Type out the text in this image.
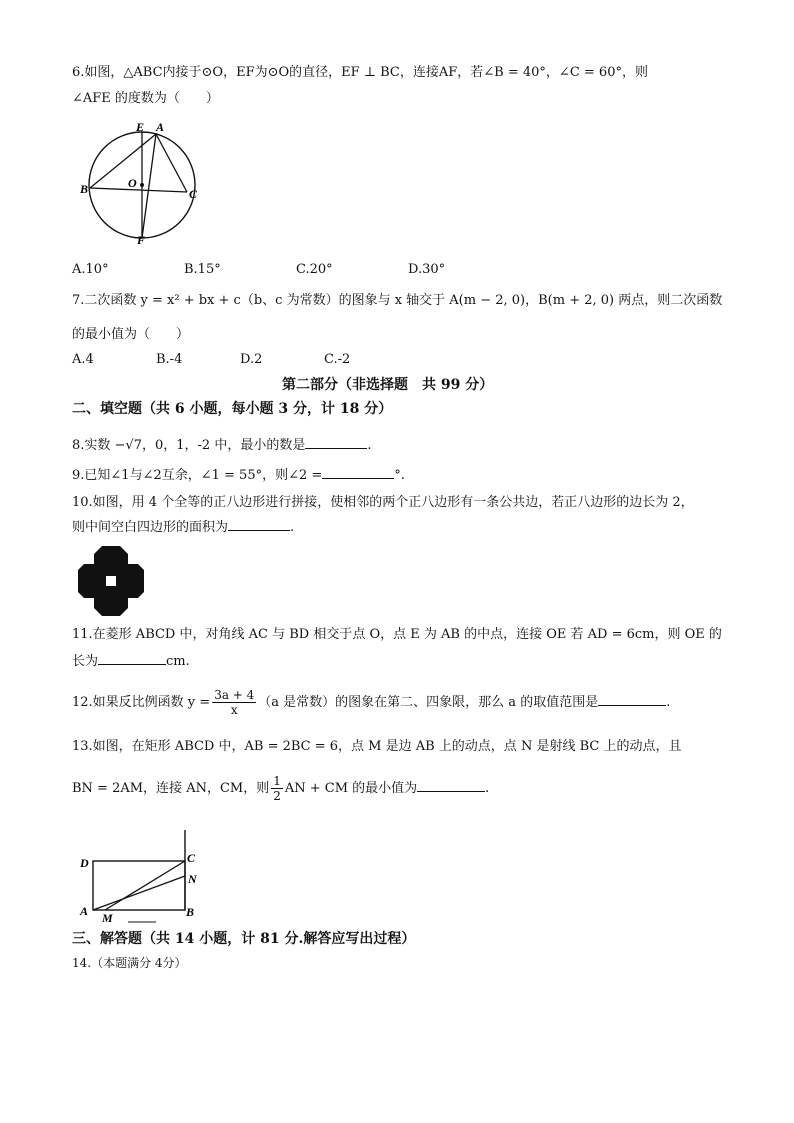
6.如图，△ABC内接于⊙O，EF为⊙O的直径，EF ⊥ BC，连接AF，若∠B = 40°，∠C = 60°，则
∠AFE 的度数为（　　）
E A
B	O
C
F
A.10°	B.15°	C.20°	D.30°
7.二次函数 y = x² + bx + c（b、c 为常数）的图象与 x 轴交于 A(m − 2, 0)，B(m + 2, 0) 两点，则二次函数
的最小值为（　　）
A.4	B.-4	D.2	C.-2
第二部分（非选择题　共 99 分）
二、填空题（共 6 小题，每小题 3 分，计 18 分）
8.实数 −√7，0，1，-2 中，最小的数是	.
9.已知∠1与∠2互余，∠1 = 55°，则∠2 =	°.
10.如图，用 4 个全等的正八边形进行拼接，使相邻的两个正八边形有一条公共边，若正八边形的边长为 2，
则中间空白四边形的面积为	.
11.在菱形 ABCD 中，对角线 AC 与 BD 相交于点 O，点 E 为 AB 的中点，连接 OE 若 AD = 6cm，则 OE 的
长为	cm.
12.如果反比例函数 $y = \frac{3a + 4}{x} (a$ 是常数）的图象在第二、四象限，那么 a 的取值范围是	.
13.如图，在矩形 ABCD 中，AB = 2BC = 6，点 M 是边 AB 上的动点，点 N 是射线 BC 上的动点，且
BN = 2AM，连接 AN，CM，则 $\frac{1}{2}$ AN + CM 的最小值为	.
D	C
N
A M	B
三、解答题（共 14 小题，计 81 分.解答应写出过程）
14.（本题满分 4分）
